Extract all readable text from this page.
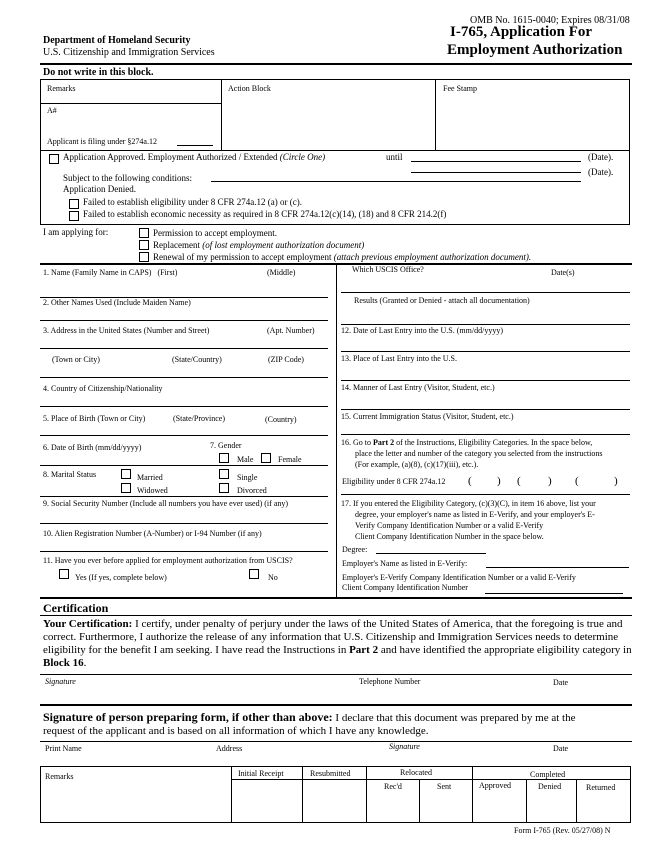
OMB No. 1615-0040; Expires 08/31/08
Department of Homeland Security
U.S. Citizenship and Immigration Services
I-765, Application For
Employment Authorization
Do not write in this block.
Remarks	Action Block	Fee Stamp
A#
Applicant is filing under §274a.12
Application Approved. Employment Authorized / Extended (Circle One)	until	(Date).
Subject to the following conditions:
(Date).
Application Denied.
Failed to establish eligibility under 8 CFR 274a.12 (a) or (c).
Failed to establish economic necessity as required in 8 CFR 274a.12(c)(14), (18) and 8 CFR 214.2(f)
I am applying for:	Permission to accept employment.
Replacement (of lost employment authorization document)
Renewal of my permission to accept employment (attach previous employment authorization document).
1. Name (Family Name in CAPS) (First)	(Middle)
2. Other Names Used (Include Maiden Name)
3. Address in the United States (Number and Street)	(Apt. Number)
(Town or City)	(State/Country)	(ZIP Code)
4. Country of Citizenship/Nationality
5. Place of Birth (Town or City)	(State/Province)	(Country)
6. Date of Birth (mm/dd/yyyy)	7. Gender
Male	Female
8. Marital Status	Married	Single
Widowed	Divorced
9. Social Security Number (Include all numbers you have ever used) (if any)
10. Alien Registration Number (A-Number) or I-94 Number (if any)
11. Have you ever before applied for employment authorization from USCIS?
Yes (If yes, complete below)	No
Which USCIS Office?	Date(s)
Results (Granted or Denied - attach all documentation)
12. Date of Last Entry into the U.S. (mm/dd/yyyy)
13. Place of Last Entry into the U.S.
14. Manner of Last Entry (Visitor, Student, etc.)
15. Current Immigration Status (Visitor, Student, etc.)
16. Go to Part 2 of the Instructions, Eligibility Categories. In the space below,
place the letter and number of the category you selected from the instructions
(For example, (a)(8), (c)(17)(iii), etc.).
Eligibility under 8 CFR 274a.12 ( ) ( ) (	)
17. If you entered the Eligibility Category, (c)(3)(C), in item 16 above, list your
degree, your employer's name as listed in E-Verify, and your employer's E-
Verify Company Identification Number or a valid E-Verify
Client Company Identification Number in the space below.
Degree:
Employer's Name as listed in E-Verify:
Employer's E-Verify Company Identification Number or a valid E-Verify
Client Company Identification Number
Certification
Your Certification: I certify, under penalty of perjury under the laws of the United States of America, that the foregoing is true and
correct. Furthermore, I authorize the release of any information that U.S. Citizenship and Immigration Services needs to determine
eligibility for the benefit I am seeking. I have read the Instructions in Part 2 and have identified the appropriate eligibility category in
Block 16.
Signature	Telephone Number	Date
Signature of person preparing form, if other than above: I declare that this document was prepared by me at the
request of the applicant and is based on all information of which I have any knowledge.
Print Name	Address	Signature	Date
Remarks	Initial Receipt	Resubmitted	Relocated	Completed
Rec'd	Sent	Approved	Denied	Returned
Form I-765 (Rev. 05/27/08) N
